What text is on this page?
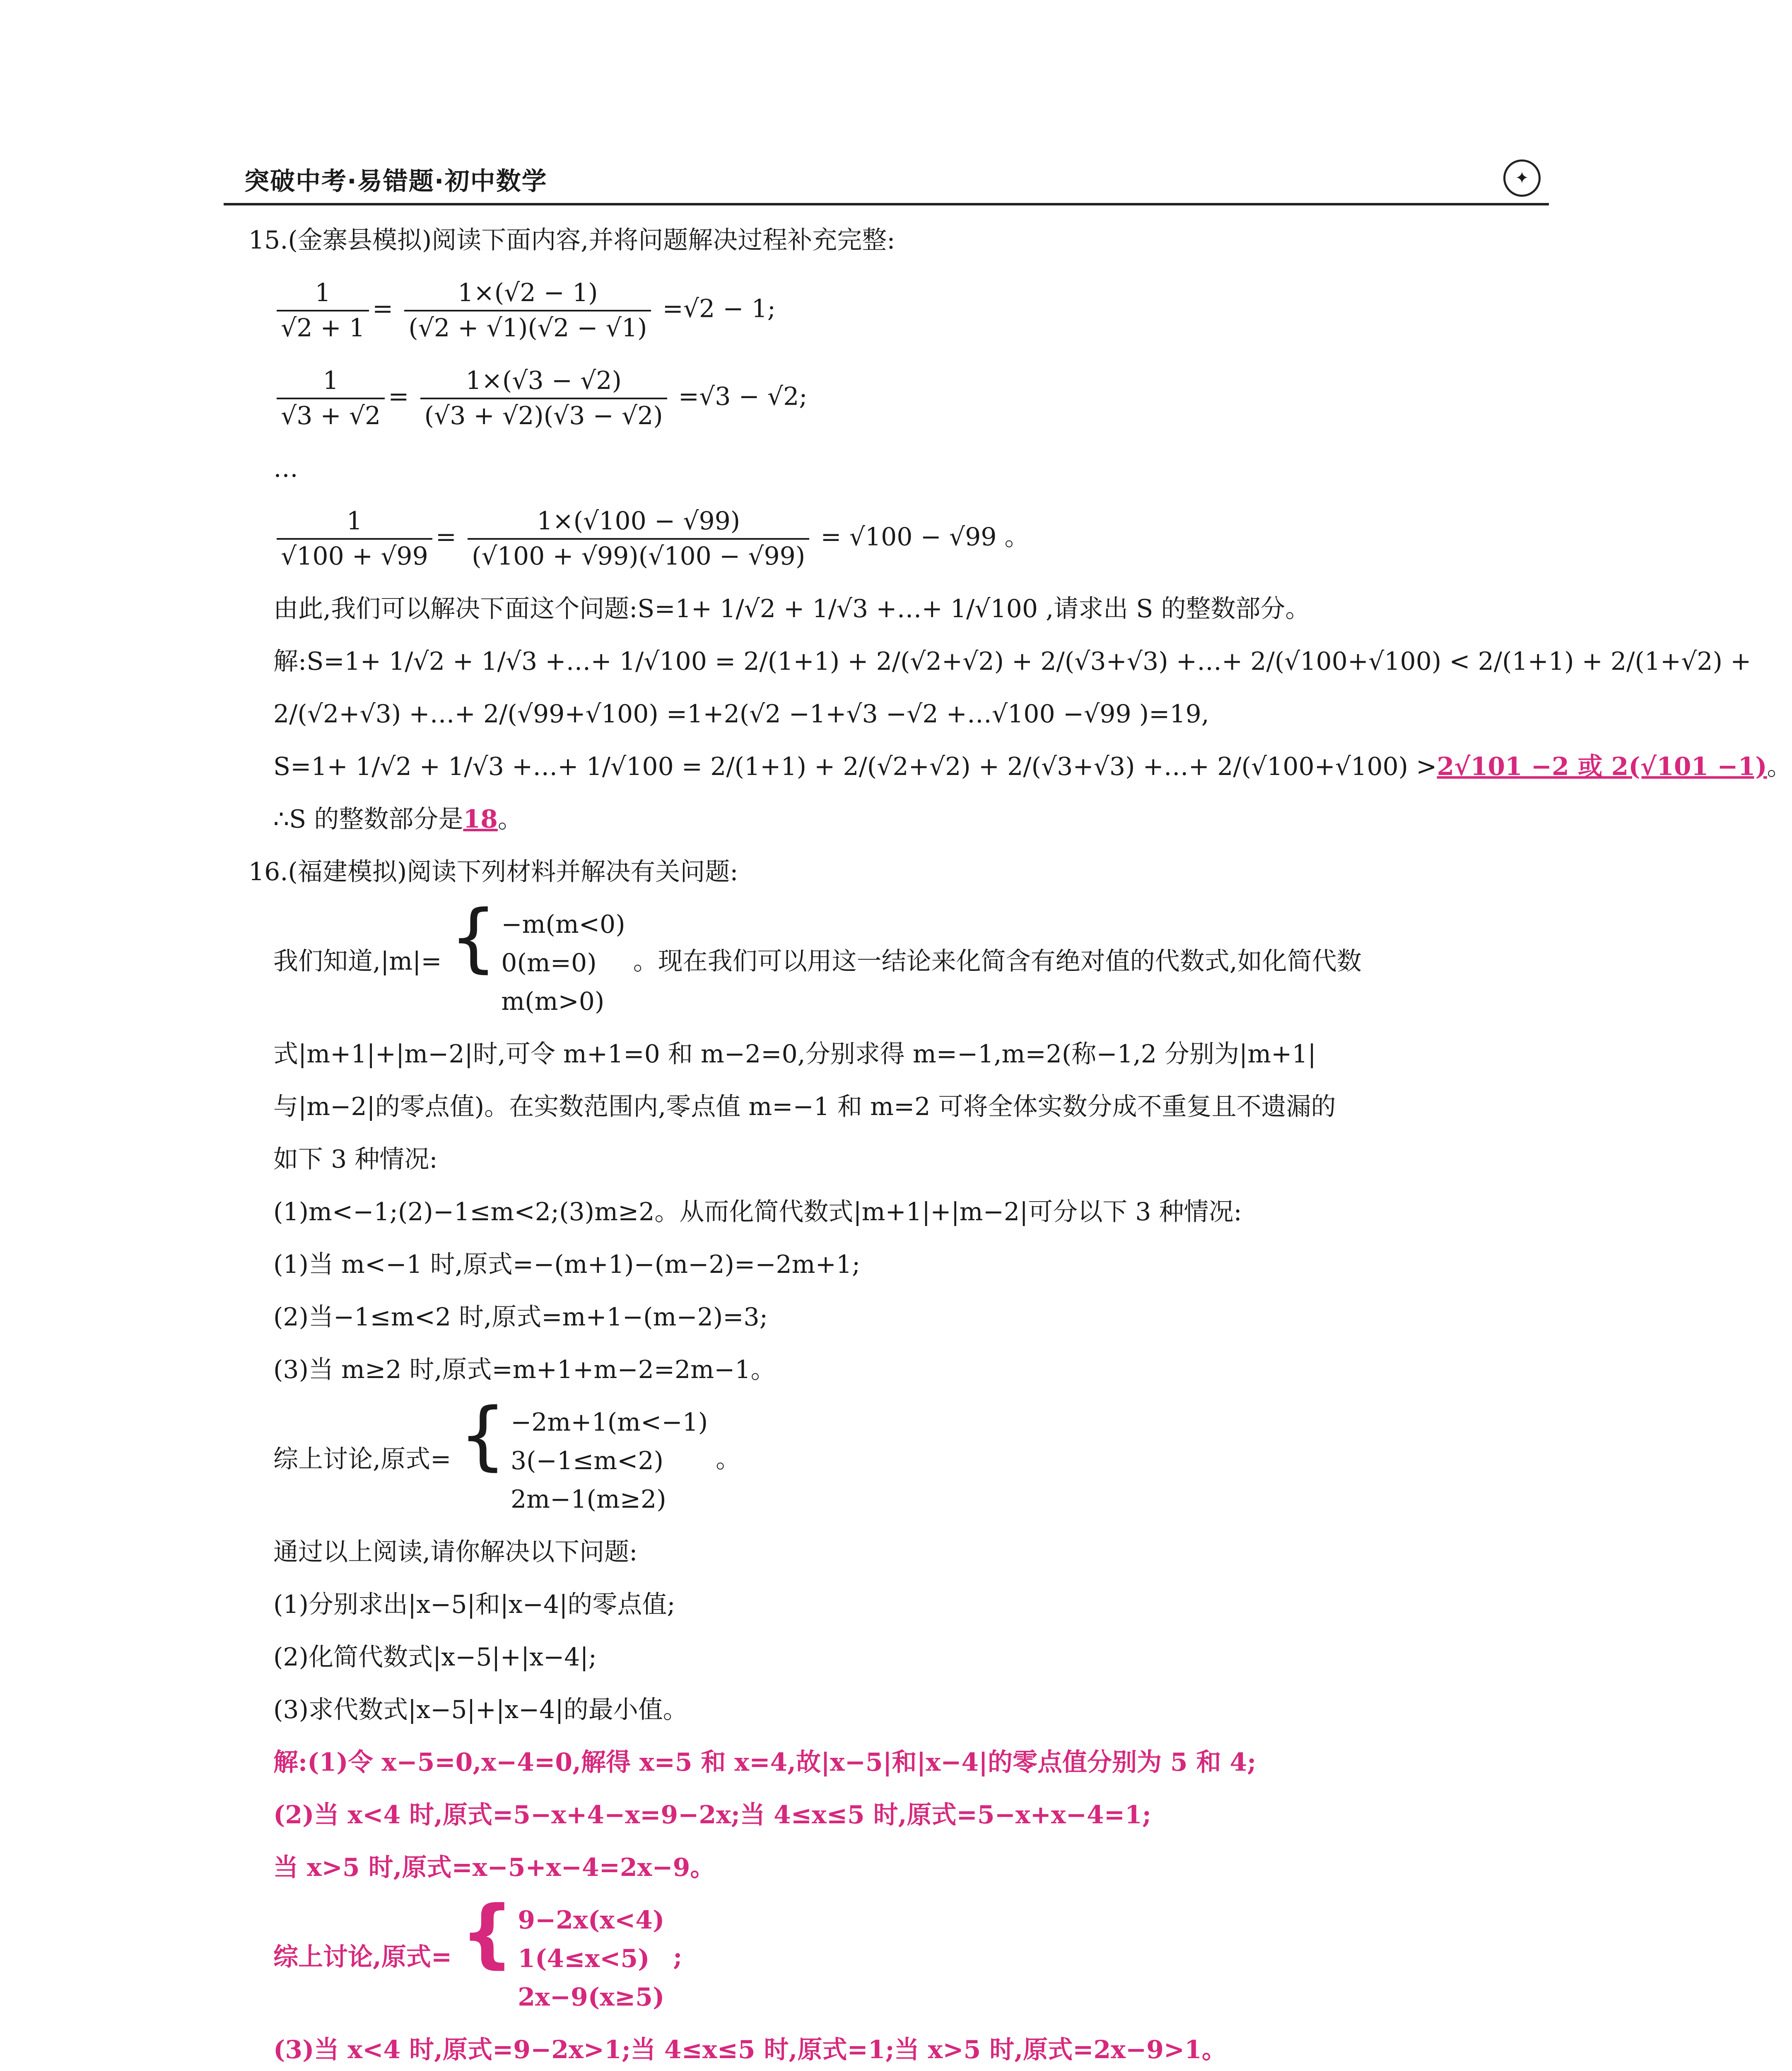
突破中考·易错题·初中数学	✦
15.(金寨县模拟)阅读下面内容,并将问题解决过程补充完整:
$\frac{1}{√2 + 1} = \frac{1\times(√2 - 1)}{(√2 + √1)(√2 - √1)} =√2 - 1$;
$\frac{1}{√3 + √2} = \frac{1\times(√3 - √2)}{(√3 + √2)(√3 - √2)} =√3 - √2$;
…
$\frac{1}{√100 + √99} = \frac{1\times(√100 - √99)}{(√100 + √99)(√100 - √99)} = √100 - √99$ 。
由此,我们可以解决下面这个问题:S=1+ 1/√2 + 1/√3 +…+ 1/√100 ,请求出 S 的整数部分。
解:S=1+ 1/√2 + 1/√3 +…+ 1/√100 = 2/(1+1) + 2/(√2+√2) + 2/(√3+√3) +…+ 2/(√100+√100) < 2/(1+1) + 2/(1+√2) +
2/(√2+√3) +…+ 2/(√99+√100) =1+2(√2 −1+√3 −√2 +…√100 −√99 )=19,
S=1+ 1/√2 + 1/√3 +…+ 1/√100 = 2/(1+1) + 2/(√2+√2) + 2/(√3+√3) +…+ 2/(√100+√100) >2√101 −2 或 2(√101 −1)。
∴S 的整数部分是18。
16.(福建模拟)阅读下列材料并解决有关问题:
我们知道,|m|= { −m(m<0)
0(m=0)
m(m>0)
。现在我们可以用这一结论来化简含有绝对值的代数式,如化简代数
式|m+1|+|m−2|时,可令 m+1=0 和 m−2=0,分别求得 m=−1,m=2(称−1,2 分别为|m+1|
与|m−2|的零点值)。在实数范围内,零点值 m=−1 和 m=2 可将全体实数分成不重复且不遗漏的
如下 3 种情况:
(1)m<−1;(2)−1≤m<2;(3)m≥2。从而化简代数式|m+1|+|m−2|可分以下 3 种情况:
(1)当 m<−1 时,原式=−(m+1)−(m−2)=−2m+1;
(2)当−1≤m<2 时,原式=m+1−(m−2)=3;
(3)当 m≥2 时,原式=m+1+m−2=2m−1。
综上讨论,原式= { −2m+1(m<−1)
3(−1≤m<2)
2m−1(m≥2)
。
通过以上阅读,请你解决以下问题:
(1)分别求出|x−5|和|x−4|的零点值;
(2)化简代数式|x−5|+|x−4|;
(3)求代数式|x−5|+|x−4|的最小值。
解:(1)令 x−5=0,x−4=0,解得 x=5 和 x=4,故|x−5|和|x−4|的零点值分别为 5 和 4;
(2)当 x<4 时,原式=5−x+4−x=9−2x;当 4≤x≤5 时,原式=5−x+x−4=1;
当 x>5 时,原式=x−5+x−4=2x−9。
综上讨论,原式= { 9−2x(x<4)
1(4≤x<5)
2x−9(x≥5)
;
(3)当 x<4 时,原式=9−2x>1;当 4≤x≤5 时,原式=1;当 x>5 时,原式=2x−9>1。
